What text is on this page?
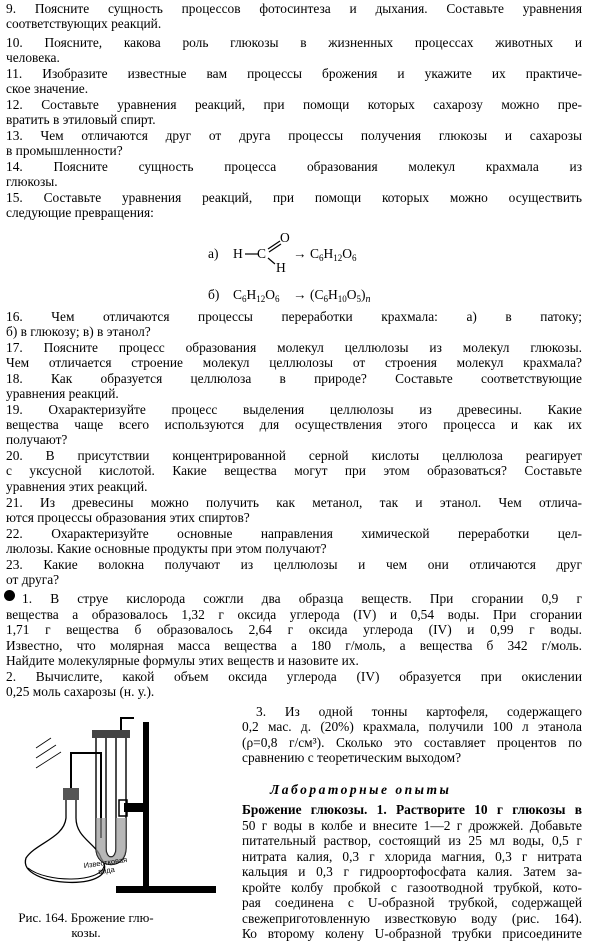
9. Поясните сущность процессов фотосинтеза и дыхания. Составьте уравнения
соответствующих реакций.
10. Поясните, какова роль глюкозы в жизненных процессах животных и
человека.
11. Изобразите известные вам процессы брожения и укажите их практиче-
ское значение.
12. Составьте уравнения реакций, при помощи которых сахарозу можно пре-
вратить в этиловый спирт.
13. Чем отличаются друг от друга процессы получения глюкозы и сахарозы
в промышленности?
14. Поясните сущность процесса образования молекул крахмала из
глюкозы.
15. Составьте уравнения реакций, при помощи которых можно осуществить
следующие превращения:
а) H C
O
H
→ $C_6H_{12}O_6$
б) $C_6H_{12}O_6 \to (C_6H_{10}O_5)_n$
16. Чем отличаются процессы переработки крахмала: а) в патоку;
б) в глюкозу; в) в этанол?
17. Поясните процесс образования молекул целлюлозы из молекул глюкозы.
Чем отличается строение молекул целлюлозы от строения молекул крахмала?
18. Как образуется целлюлоза в природе? Составьте соответствующие
уравнения реакций.
19. Охарактеризуйте процесс выделения целлюлозы из древесины. Какие
вещества чаще всего используются для осуществления этого процесса и как их
получают?
20. В присутствии концентрированной серной кислоты целлюлоза реагирует
с уксусной кислотой. Какие вещества могут при этом образоваться? Составьте
уравнения этих реакций.
21. Из древесины можно получить как метанол, так и этанол. Чем отлича-
ются процессы образования этих спиртов?
22. Охарактеризуйте основные направления химической переработки цел-
люлозы. Какие основные продукты при этом получают?
23. Какие волокна получают из целлюлозы и чем они отличаются друг
от друга?
1. В струе кислорода сожгли два образца веществ. При сгорании 0,9 г
вещества а образовалось 1,32 г оксида углерода (IV) и 0,54 воды. При сгорании
1,71 г вещества б образовалось 2,64 г оксида углерода (IV) и 0,99 г воды.
Известно, что молярная масса вещества а 180 г/моль, а вещества б 342 г/моль.
Найдите молекулярные формулы этих веществ и назовите их.
2. Вычислите, какой объем оксида углерода (IV) образуется при окислении
0,25 моль сахарозы (н. у.).
3. Из одной тонны картофеля, содержащего
0,2 мас. д. (20%) крахмала, получили 100 л этанола
(ρ=0,8 г/см³). Сколько это составляет процентов по
сравнению с теоретическим выходом?
Известковая вода
Рис. 164. Брожение глю-
козы.
Лабораторные опыты
Брожение глюкозы. 1. Растворите 10 г глюкозы в
50 г воды в колбе и внесите 1—2 г дрожжей. Добавьте
питательный раствор, состоящий из 25 мл воды, 0,5 г
нитрата калия, 0,3 г хлорида магния, 0,3 г нитрата
кальция и 0,3 г гидроортофосфата калия. Затем за-
кройте колбу пробкой с газоотводной трубкой, кото-
рая соединена с U-образной трубкой, содержащей
свежеприготовленную известковую воду (рис. 164).
Ко второму колену U-образной трубки присоедините
